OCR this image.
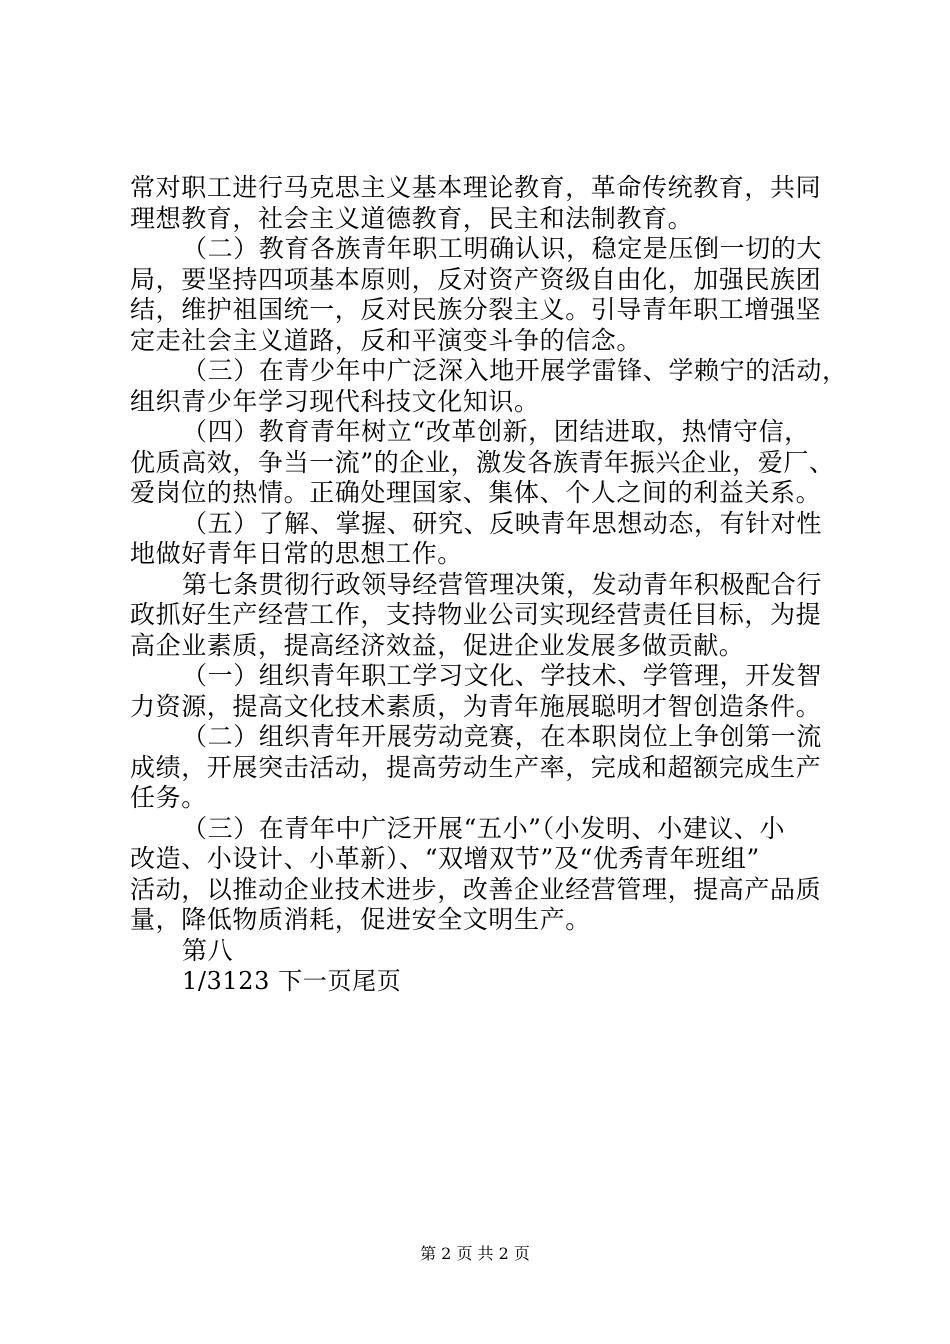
常对职工进行马克思主义基本理论教育，革命传统教育，共同
理想教育，社会主义道德教育，民主和法制教育。
（二）教育各族青年职工明确认识，稳定是压倒一切的大
局，要坚持四项基本原则，反对资产资级自由化，加强民族团
结，维护祖国统一，反对民族分裂主义。引导青年职工增强坚
定走社会主义道路，反和平演变斗争的信念。
（三）在青少年中广泛深入地开展学雷锋、学赖宁的活动，
组织青少年学习现代科技文化知识。
（四）教育青年树立“改革创新，团结进取，热情守信，
优质高效，争当一流”的企业，激发各族青年振兴企业，爱厂、
爱岗位的热情。正确处理国家、集体、个人之间的利益关系。
（五）了解、掌握、研究、反映青年思想动态，有针对性
地做好青年日常的思想工作。
第七条贯彻行政领导经营管理决策，发动青年积极配合行
政抓好生产经营工作，支持物业公司实现经营责任目标，为提
高企业素质，提高经济效益，促进企业发展多做贡献。
（一）组织青年职工学习文化、学技术、学管理，开发智
力资源，提高文化技术素质，为青年施展聪明才智创造条件。
（二）组织青年开展劳动竞赛，在本职岗位上争创第一流
成绩，开展突击活动，提高劳动生产率，完成和超额完成生产
任务。
（三）在青年中广泛开展“五小”（小发明、小建议、小
改造、小设计、小革新）、“双增双节”及“优秀青年班组”
活动，以推动企业技术进步，改善企业经营管理，提高产品质
量，降低物质消耗，促进安全文明生产。
第八
1/3123 下一页尾页
第 2 页 共 2 页
